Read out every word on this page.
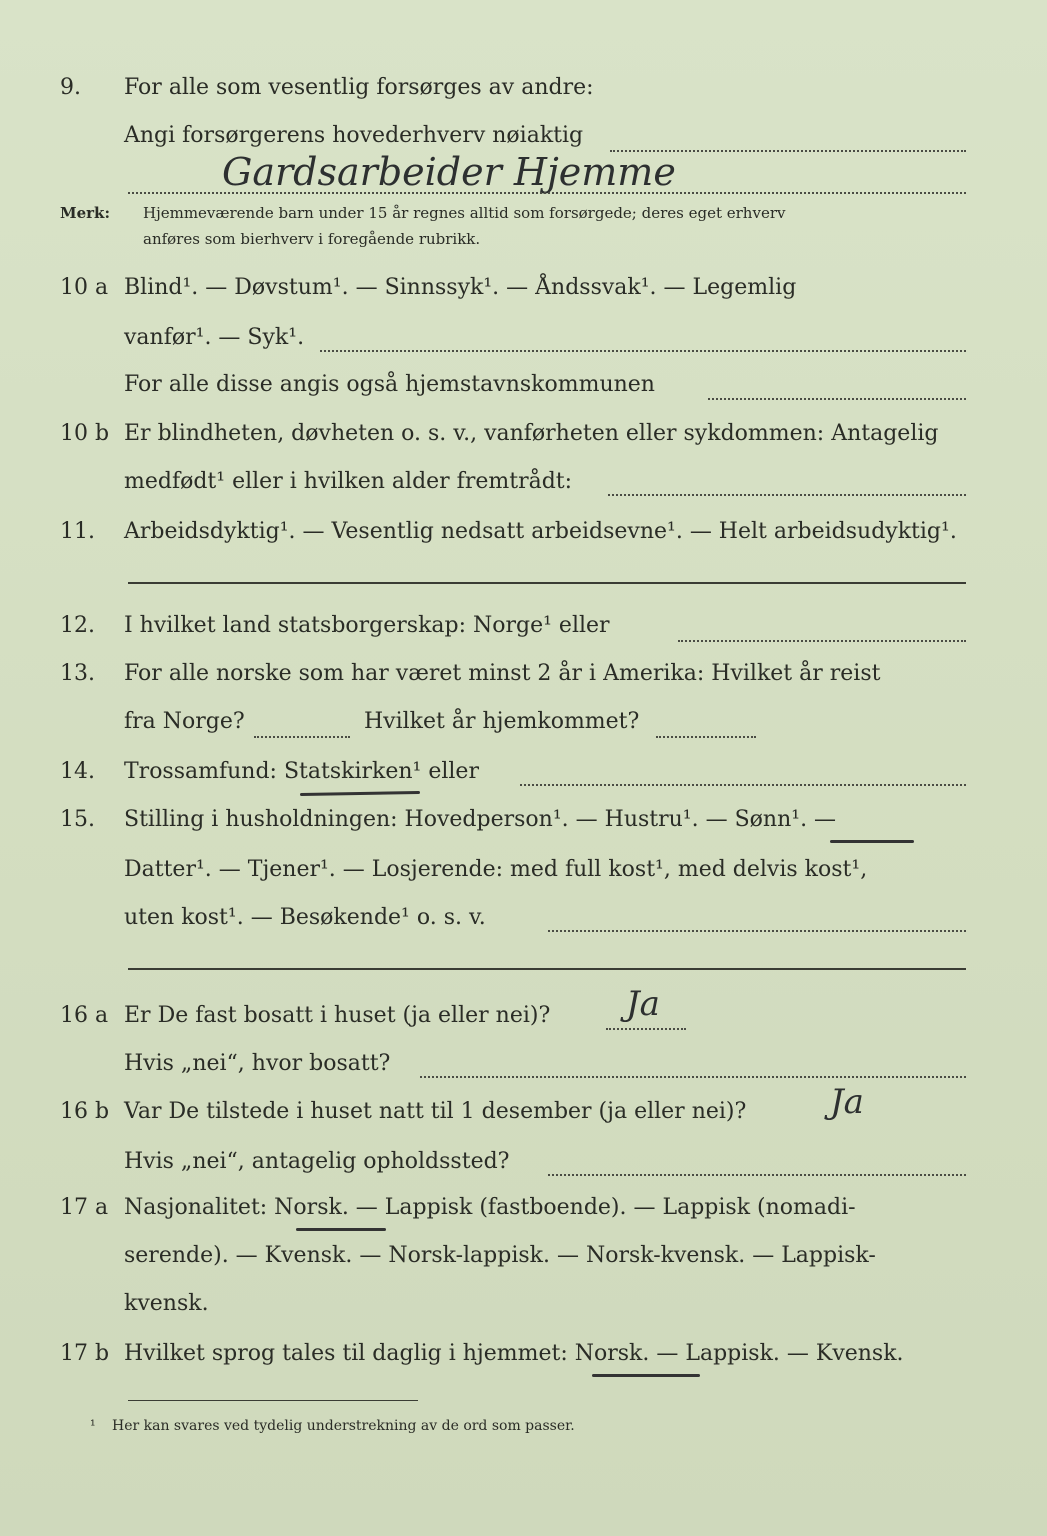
9. For alle som vesentlig forsørges av andre:
Angi forsørgerens hovederhverv nøiaktig
Gardsarbeider Hjemme
Merk: Hjemmeværende barn under 15 år regnes alltid som forsørgede; deres eget erhverv
anføres som bierhverv i foregående rubrikk.
10 a Blind¹. — Døvstum¹. — Sinnssyk¹. — Åndssvak¹. — Legemlig
vanfør¹. — Syk¹.
For alle disse angis også hjemstavnskommunen
10 b Er blindheten, døvheten o. s. v., vanførheten eller sykdommen: Antagelig
medfødt¹ eller i hvilken alder fremtrådt:
11. Arbeidsdyktig¹. — Vesentlig nedsatt arbeidsevne¹. — Helt arbeidsudyktig¹.
12. I hvilket land statsborgerskap: Norge¹ eller
13. For alle norske som har været minst 2 år i Amerika: Hvilket år reist
fra Norge?	Hvilket år hjemkommet?
14. Trossamfund: Statskirken¹ eller
15. Stilling i husholdningen: Hovedperson¹. — Hustru¹. — Sønn¹. —
Datter¹. — Tjener¹. — Losjerende: med full kost¹, med delvis kost¹,
uten kost¹. — Besøkende¹ o. s. v.
16 a Er De fast bosatt i huset (ja eller nei)? Ja
Hvis „nei“, hvor bosatt?
16 b Var De tilstede i huset natt til 1 desember (ja eller nei)? Ja
Hvis „nei“, antagelig opholdssted?
17 a Nasjonalitet: Norsk. — Lappisk (fastboende). — Lappisk (nomadi-
serende). — Kvensk. — Norsk-lappisk. — Norsk-kvensk. — Lappisk-
kvensk.
17 b Hvilket sprog tales til daglig i hjemmet: Norsk. — Lappisk. — Kvensk.
¹ Her kan svares ved tydelig understrekning av de ord som passer.
